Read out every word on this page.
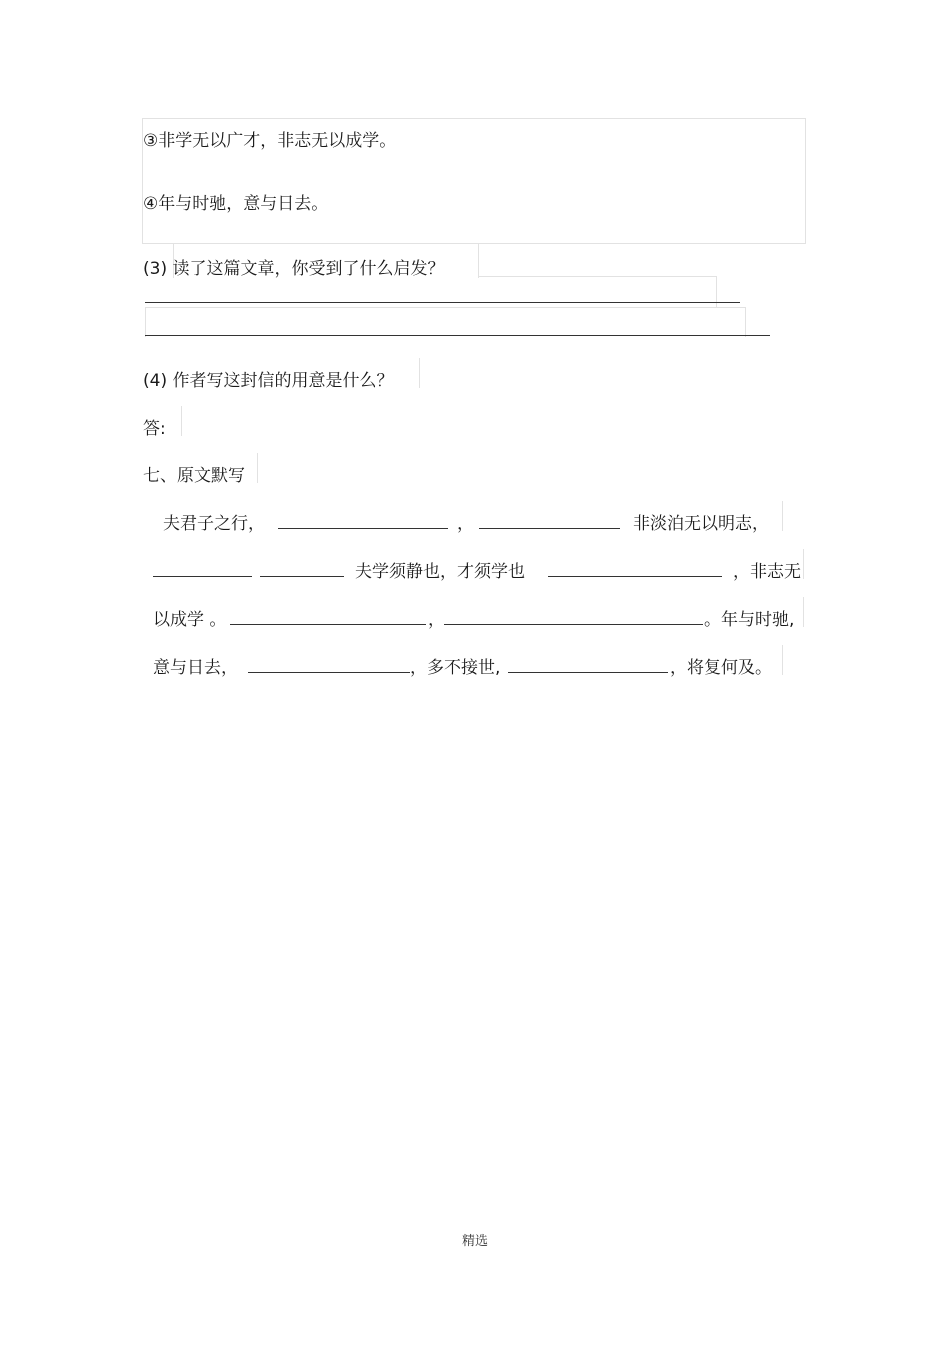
③非学无以广才，非志无以成学。
④年与时驰，意与日去。
(3) 读了这篇文章，你受到了什么启发？
(4) 作者写这封信的用意是什么？
答:
七、原文默写
夫君子之行，	，	非淡泊无以明志，
夫学须静也，才须学也	，非志无
以成学 。	，	。年与时驰,
意与日去，	，多不接世,	，将复何及。
精选
